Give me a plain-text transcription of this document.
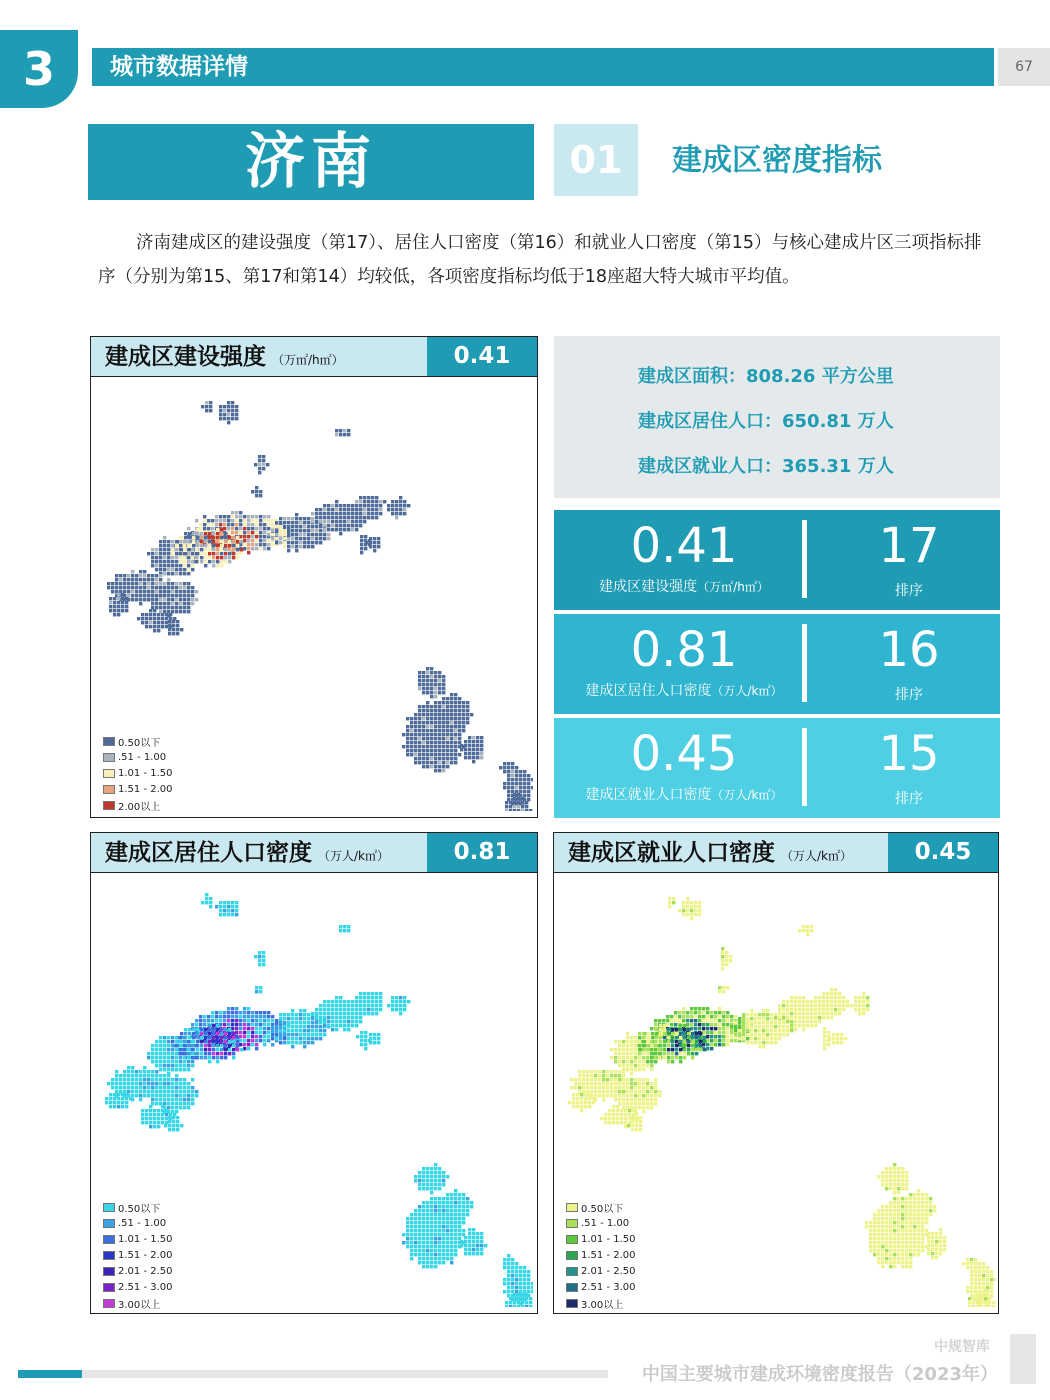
3	城市数据详情	67
济南	01	建成区密度指标

济南建成区的建设强度（第17）、居住人口密度（第16）和就业人口密度（第15）与核心建成片区三项指标排序（分别为第15、第17和第14）均较低，各项密度指标均低于18座超大特大城市平均值。

建成区建设强度 （万㎡/h㎡）	0.41
0.50以下
.51 - 1.00
1.01 - 1.50
1.51 - 2.00
2.00以上
建成区面积：808.26 平方公里
建成区居住人口：650.81 万人
建成区就业人口：365.31 万人
0.41
建成区建设强度（万㎡/h㎡）
17
排序
0.81
建成区居住人口密度（万人/k㎡）
16
排序
0.45
建成区就业人口密度（万人/k㎡）
15
排序
建成区居住人口密度 （万人/k㎡）	0.81
0.50以下
.51 - 1.00
1.01 - 1.50
1.51 - 2.00
2.01 - 2.50
2.51 - 3.00
3.00以上
建成区就业人口密度 （万人/k㎡）	0.45
0.50以下
.51 - 1.00
1.01 - 1.50
1.51 - 2.00
2.01 - 2.50
2.51 - 3.00
3.00以上
中规智库
中国主要城市建成环境密度报告（2023年）
